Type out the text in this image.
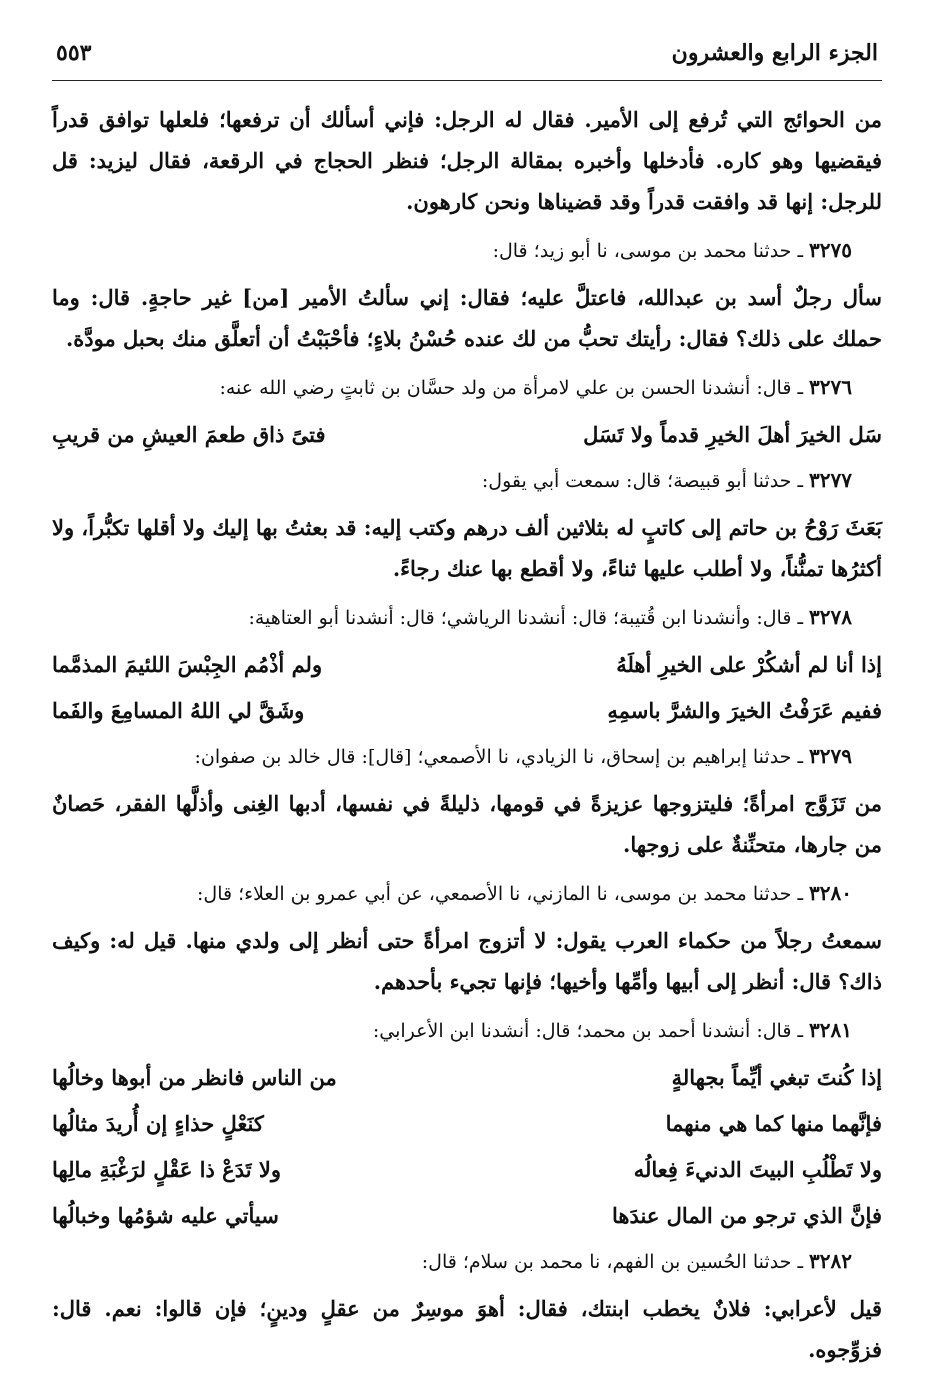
الجزء الرابع والعشرون
٥٥٣

من الحوائج التي تُرفع إلى الأمير. فقال له الرجل: فإني أسألك أن ترفعها؛ فلعلها توافق قدراً فيقضيها وهو كاره. فأدخلها وأخبره بمقالة الرجل؛ فنظر الحجاج في الرقعة، فقال ليزيد: قل للرجل: إنها قد وافقت قدراً وقد قضيناها ونحن كارهون.

٣٢٧٥ـ حدثنا محمد بن موسى، نا أبو زيد؛ قال:

سأل رجلٌ أسد بن عبدالله، فاعتلَّ عليه؛ فقال: إني سألتُ الأمير [من] غير حاجةٍ. قال: وما حملك على ذلك؟ فقال: رأيتك تحبُّ من لك عنده حُسْنُ بلاءٍ؛ فأحْبَبْتُ أن أتعلَّق منك بحبل مودَّة.

٣٢٧٦ـ قال: أنشدنا الحسن بن علي لامرأة من ولد حسَّان بن ثابتٍ رضي الله عنه:
سَل الخيرَ أهلَ الخيرِ قدماً ولا تَسَل
فتىً ذاق طعمَ العيشِ من قريبِ
٣٢٧٧ـ حدثنا أبو قبيصة؛ قال: سمعت أبي يقول:

بَعَثَ رَوْحُ بن حاتم إلى كاتبٍ له بثلاثين ألف درهم وكتب إليه: قد بعثتُ بها إليك ولا أقلها تكبُّراً، ولا أكثرُها تمنُّناً، ولا أطلب عليها ثناءً، ولا أقطع بها عنك رجاءً.

٣٢٧٨ـ قال: وأنشدنا ابن قُتيبة؛ قال: أنشدنا الرياشي؛ قال: أنشدنا أبو العتاهية:
إذا أنا لم أشكُرْ على الخيرِ أهلَهُ
ولم أذْمُم الجِبْسَ اللئيمَ المذمَّما
ففيم عَرَفْتُ الخيرَ والشرَّ باسمِهِ
وشَقَّ لي اللهُ المسامِعَ والفَما
٣٢٧٩ـ حدثنا إبراهيم بن إسحاق، نا الزيادي، نا الأصمعي؛ [قال]: قال خالد بن صفوان:

من تَزَوَّج امرأةً؛ فليتزوجها عزيزةً في قومها، ذليلةً في نفسها، أدبها الغِنى وأذلَّها الفقر، حَصانٌ من جارها، متحنِّنةٌ على زوجها.

٣٢٨٠ـ حدثنا محمد بن موسى، نا المازني، نا الأصمعي، عن أبي عمرو بن العلاء؛ قال:

سمعتُ رجلاً من حكماء العرب يقول: لا أتزوج امرأةً حتى أنظر إلى ولدي منها. قيل له: وكيف ذاك؟ قال: أنظر إلى أبيها وأمِّها وأخيها؛ فإنها تجيء بأحدهم.

٣٢٨١ـ قال: أنشدنا أحمد بن محمد؛ قال: أنشدنا ابن الأعرابي:
إذا كُنتَ تبغي أيِّماً بجهالةٍ
من الناس فانظر من أبوها وخالُها
فإنَّهما منها كما هي منهما
كنَعْلٍ حذاءٍ إن أُريدَ مثالُها
ولا تَطْلُبِ البيتَ الدنيءَ فِعالُه
ولا تَدَعْ ذا عَقْلٍ لرَغْبَةِ مالِها
فإنَّ الذي ترجو من المال عندَها
سيأتي عليه شؤمُها وخبالُها
٣٢٨٢ـ حدثنا الحُسين بن الفهم، نا محمد بن سلام؛ قال:

قيل لأعرابي: فلانٌ يخطب ابنتك، فقال: أهوَ موسِرٌ من عقلٍ ودينٍ؛ فإن قالوا: نعم. قال: فزوِّجوه.
